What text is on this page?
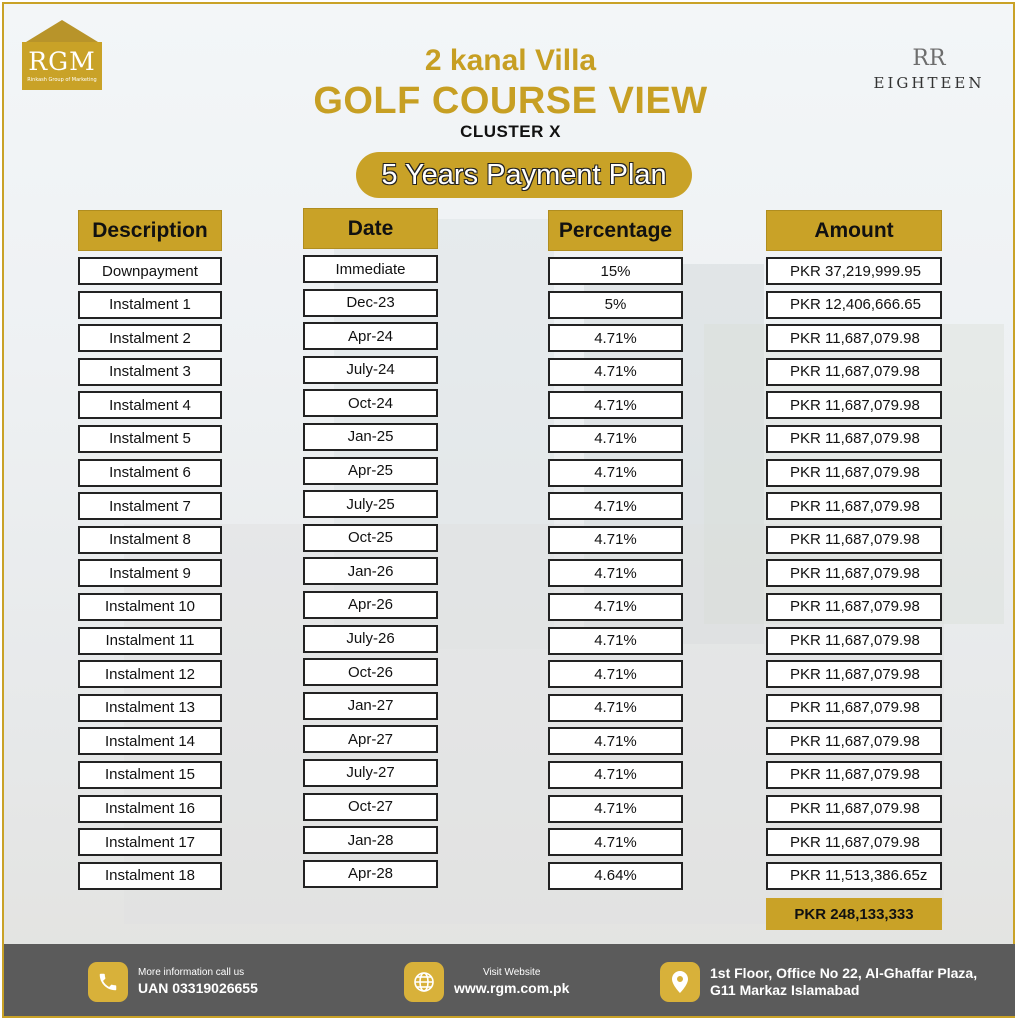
RGM
Rinkash Group of Marketing
RR
EIGHTEEN
2 kanal Villa
GOLF COURSE VIEW
CLUSTER X
5 Years Payment Plan
Description
Downpayment
Instalment 1
Instalment 2
Instalment 3
Instalment 4
Instalment 5
Instalment 6
Instalment 7
Instalment 8
Instalment 9
Instalment 10
Instalment 11
Instalment 12
Instalment 13
Instalment 14
Instalment 15
Instalment 16
Instalment 17
Instalment 18
Date
Immediate
Dec-23
Apr-24
July-24
Oct-24
Jan-25
Apr-25
July-25
Oct-25
Jan-26
Apr-26
July-26
Oct-26
Jan-27
Apr-27
July-27
Oct-27
Jan-28
Apr-28
Percentage
15%
5%
4.71%
4.71%
4.71%
4.71%
4.71%
4.71%
4.71%
4.71%
4.71%
4.71%
4.71%
4.71%
4.71%
4.71%
4.71%
4.71%
4.64%
Amount
PKR 37,219,999.95
PKR 12,406,666.65
PKR 11,687,079.98
PKR 11,687,079.98
PKR 11,687,079.98
PKR 11,687,079.98
PKR 11,687,079.98
PKR 11,687,079.98
PKR 11,687,079.98
PKR 11,687,079.98
PKR 11,687,079.98
PKR 11,687,079.98
PKR 11,687,079.98
PKR 11,687,079.98
PKR 11,687,079.98
PKR 11,687,079.98
PKR 11,687,079.98
PKR 11,687,079.98
PKR 11,513,386.65z
PKR 248,133,333
More information call us
UAN 03319026655
Visit Website
www.rgm.com.pk
1st Floor, Office No 22, Al-Ghaffar Plaza,
G11 Markaz Islamabad
